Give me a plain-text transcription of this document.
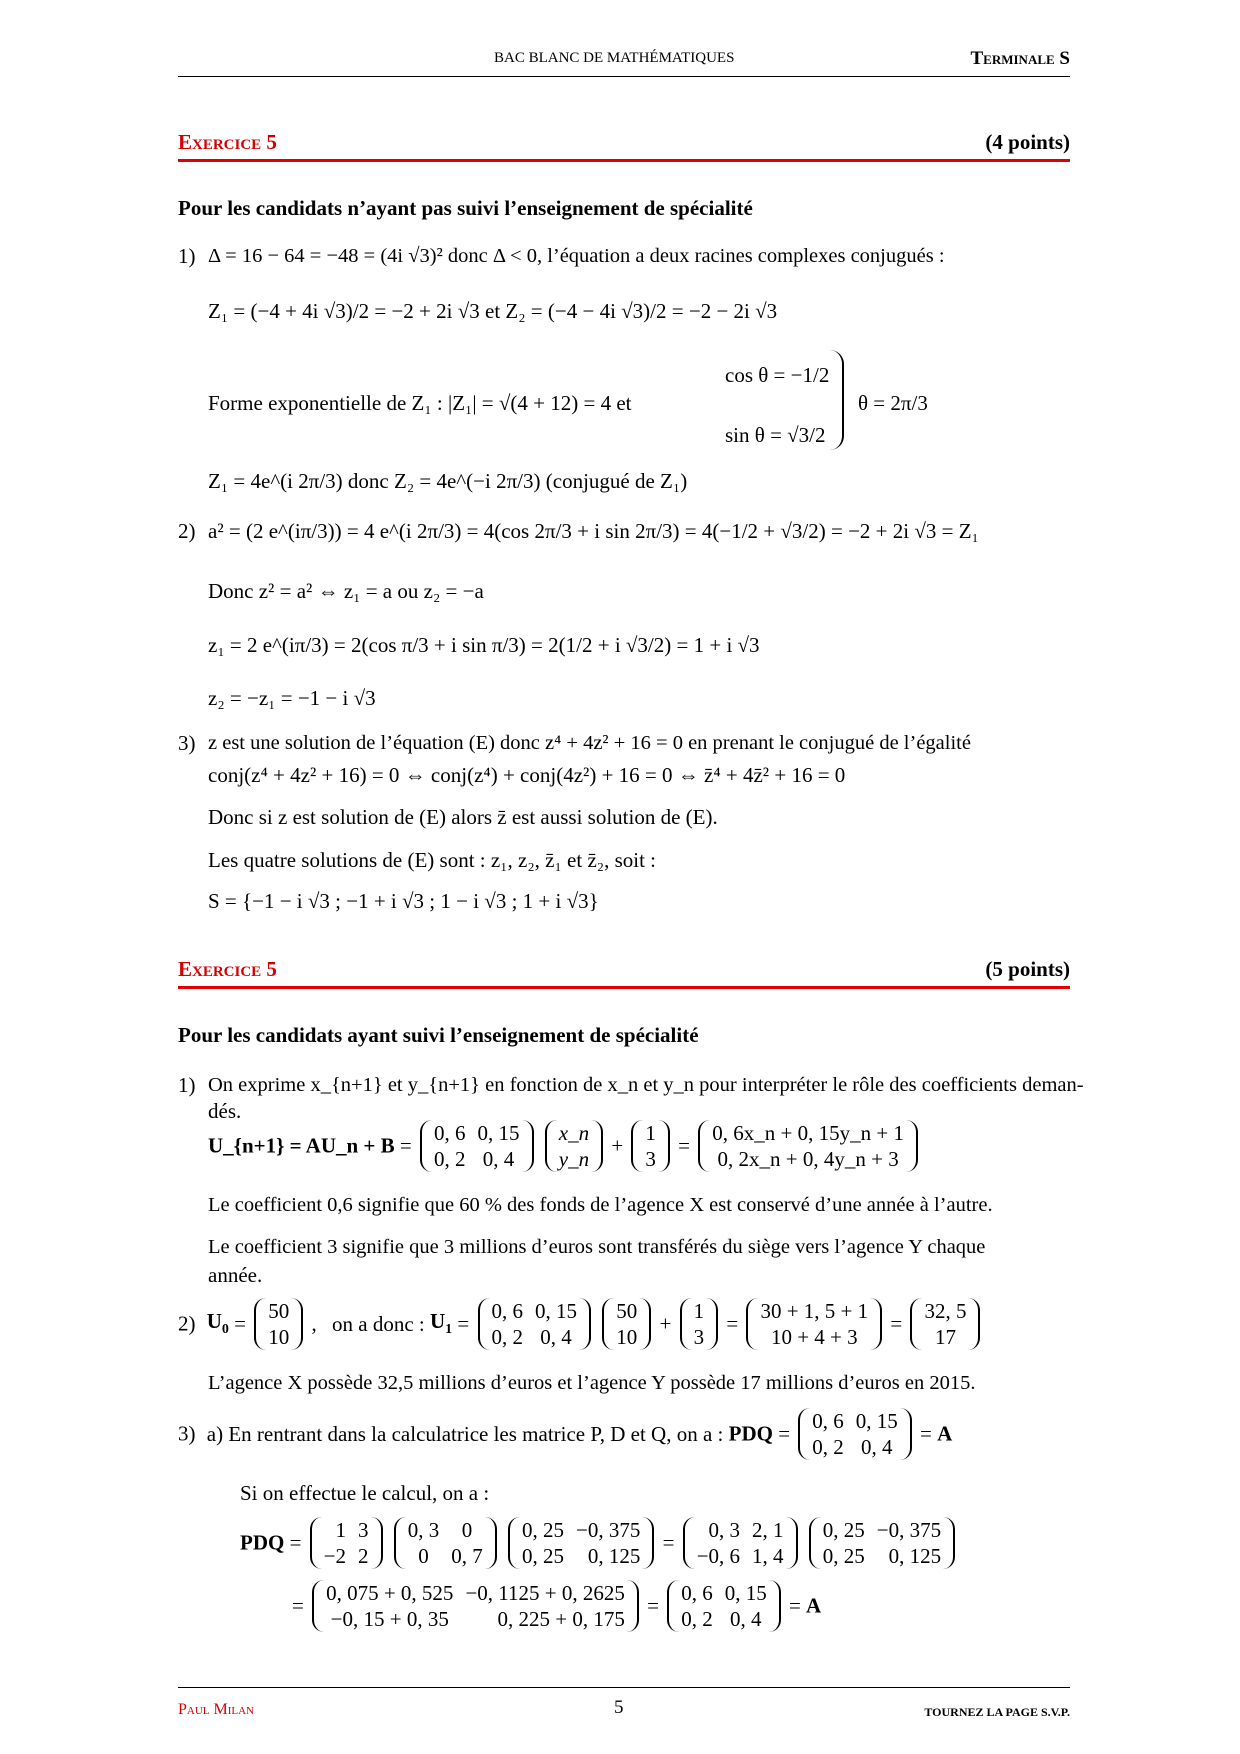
BAC BLANC DE MATHÉMATIQUES	Terminale S
Exercice 5	(4 points)
Pour les candidats n’ayant pas suivi l’enseignement de spécialité
1) Δ = 16 − 64 = −48 = (4i √3)² donc Δ < 0, l’équation a deux racines complexes conjugués :
Z₁ = (−4 + 4i √3)/2 = −2 + 2i √3 et Z₂ = (−4 − 4i √3)/2 = −2 − 2i √3
Forme exponentielle de Z₁ : |Z₁| = √(4 + 12) = 4 et
cos θ = −1/2
sin θ = √3/2
θ = 2π/3
Z₁ = 4e^(i 2π/3) donc Z₂ = 4e^(−i 2π/3) (conjugué de Z₁)
2) a² = (2 e^(iπ/3)) = 4 e^(i 2π/3) = 4(cos 2π/3 + i sin 2π/3) = 4(−1/2 + √3/2) = −2 + 2i √3 = Z₁
Donc z² = a² ⇔ z₁ = a ou z₂ = −a
z₁ = 2 e^(iπ/3) = 2(cos π/3 + i sin π/3) = 2(1/2 + i √3/2) = 1 + i √3
z₂ = −z₁ = −1 − i √3
3) z est une solution de l’équation (E) donc z⁴ + 4z² + 16 = 0 en prenant le conjugué de l’égalité
conj(z⁴ + 4z² + 16) = 0 ⇔ conj(z⁴) + conj(4z²) + 16 = 0 ⇔ z̄⁴ + 4z̄² + 16 = 0
Donc si z est solution de (E) alors z̄ est aussi solution de (E).
Les quatre solutions de (E) sont : z₁, z₂, z̄₁ et z̄₂, soit :
S = {−1 − i √3 ; −1 + i √3 ; 1 − i √3 ; 1 + i √3}
Exercice 5	(5 points)
Pour les candidats ayant suivi l’enseignement de spécialité
1) On exprime x_{n+1} et y_{n+1} en fonction de x_n et y_n pour interpréter le rôle des coefficients deman-
dés.
U_{n+1} = AU_n + B =
0, 6	0, 15
0, 2	0, 4

x_n
y_n
+
1
3
=
0, 6x_n + 0, 15y_n + 1
0, 2x_n + 0, 4y_n + 3
Le coefficient 0,6 signifie que 60 % des fonds de l’agence X est conservé d’une année à l’autre.
Le coefficient 3 signifie que 3 millions d’euros sont transférés du siège vers l’agence Y chaque
année.
2) $U_0$ =
50
10
, on a donc : $U_1$ =
0, 6	0, 15
0, 2	0, 4

50
10
+
1
3
=
30 + 1, 5 + 1
10 + 4 + 3
=
32, 5
17
L’agence X possède 32,5 millions d’euros et l’agence Y possède 17 millions d’euros en 2015.
3) a) En rentrant dans la calculatrice les matrice P, D et Q, on a : PDQ =
0, 6	0, 15
0, 2	0, 4
= A
Si on effectue le calcul, on a :
PDQ =
1	3
−2	2

0, 3	0
0	0, 7

0, 25	−0, 375
0, 25	0, 125
=
0, 3	2, 1
−0, 6	1, 4

0, 25	−0, 375
0, 25	0, 125
=
0, 075 + 0, 525	−0, 1125 + 0, 2625
−0, 15 + 0, 35	0, 225 + 0, 175
=
0, 6	0, 15
0, 2	0, 4
= A
Paul Milan	5	TOURNEZ LA PAGE S.V.P.
